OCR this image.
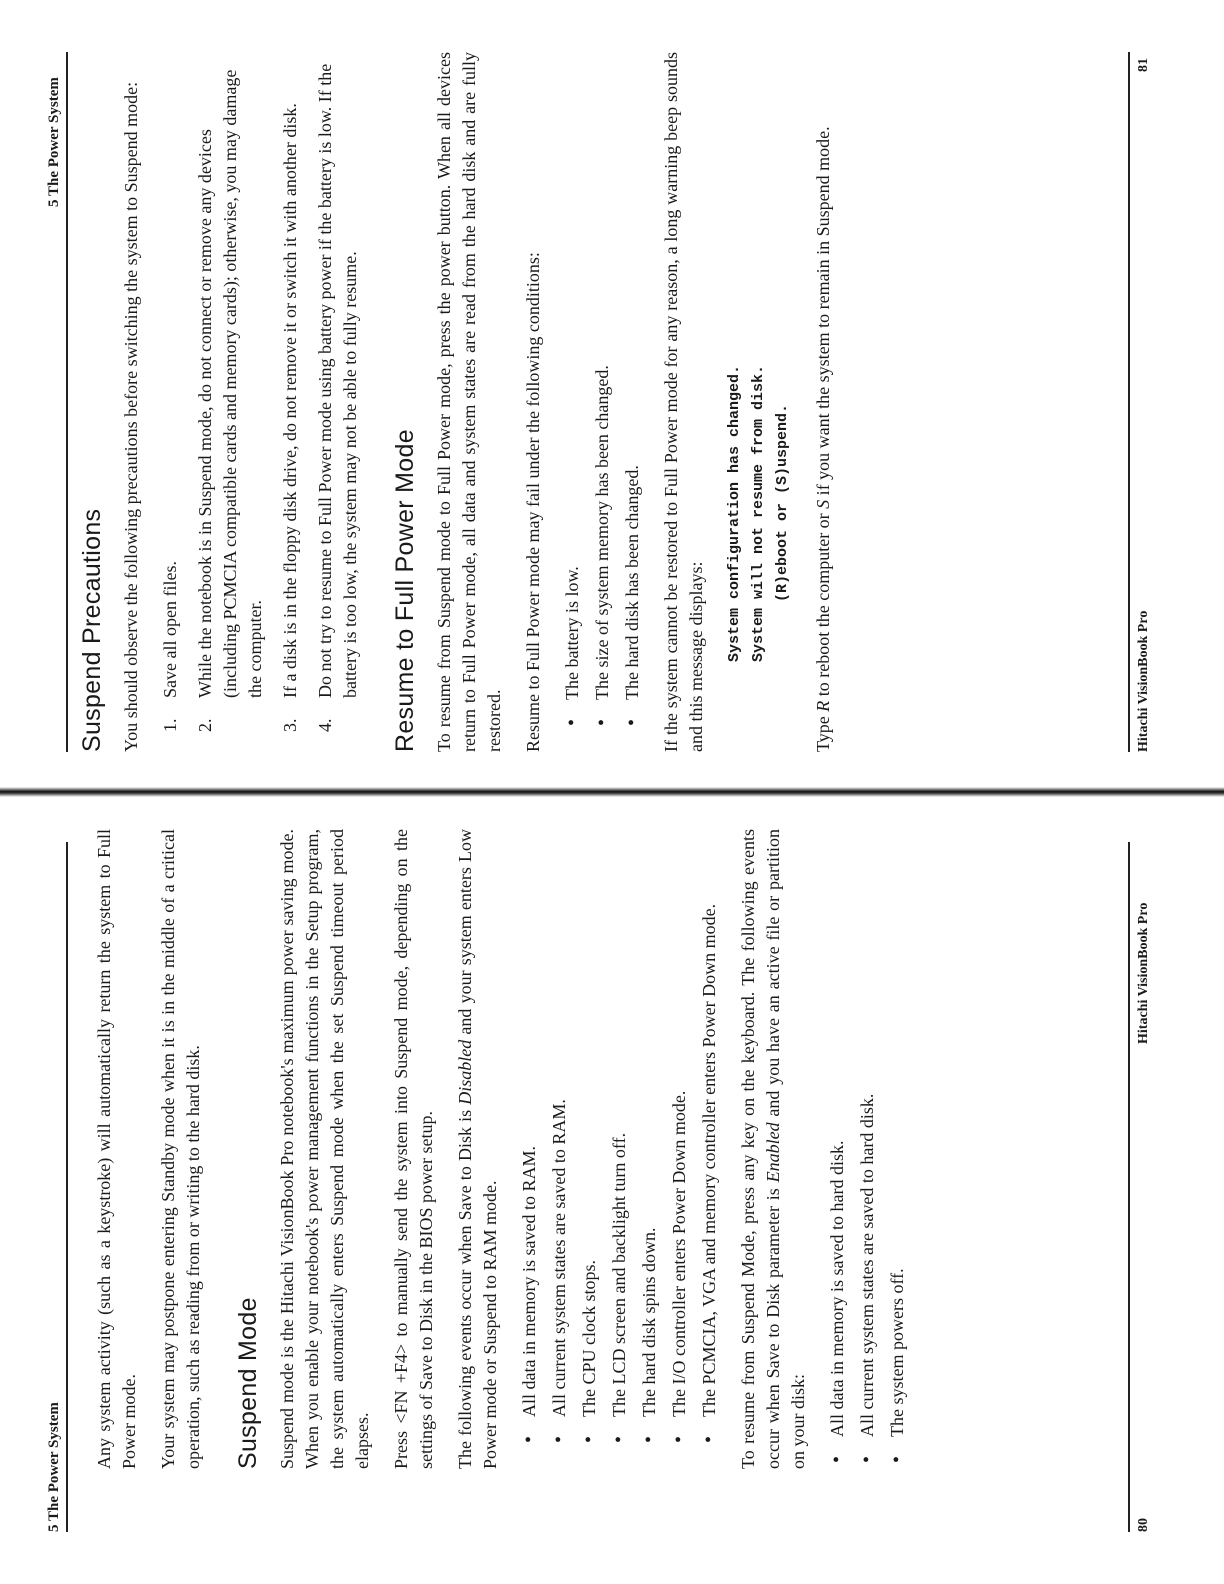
5 The Power System Any system activity (such as a keystroke) will automatically return the system to Full Power mode. Your system may postpone entering Standby mode when it is in the middle of a critical operation, such as reading from or writing to the hard disk. Suspend Mode Suspend mode is the Hitachi VisionBook Pro notebook's maximum power saving mode. When you enable your notebook's power management functions in the Setup program, the system automatically enters Suspend mode when the set Suspend timeout period elapses. Press <FN +F4> to manually send the system into Suspend mode, depending on the settings of Save to Disk in the BIOS power setup. The following events occur when Save to Disk is Disabled and your system enters Low Power mode or Suspend to RAM mode. • All data in memory is saved to RAM. • All current system states are saved to RAM. • The CPU clock stops. • The LCD screen and backlight turn off. • The hard disk spins down. • The I/O controller enters Power Down mode. • The PCMCIA, VGA and memory controller enters Power Down mode. To resume from Suspend Mode, press any key on the keyboard. The following events occur when Save to Disk parameter is Enabled and you have an active file or partition on your disk: • All data in memory is saved to hard disk. • All current system states are saved to hard disk. • The system powers off.
80
Hitachi VisionBook Pro
5 The Power System
Suspend Precautions You should observe the following precautions before switching the system to Suspend mode: 1.
Save all open files.
2.
While the notebook is in Suspend mode, do not connect or remove any devices (including PCMCIA compatible cards and memory cards); otherwise, you may damage the computer.
3.
If a disk is in the floppy disk drive, do not remove it or switch it with another disk.
4.
Do not try to resume to Full Power mode using battery power if the battery is low. If the battery is too low, the system may not be able to fully resume. Resume to Full Power Mode To resume from Suspend mode to Full Power mode, press the power button. When all devices return to Full Power mode, all data and system states are read from the hard disk and are fully restored. Resume to Full Power mode may fail under the following conditions: • The battery is low. • The size of system memory has been changed. • The hard disk has been changed. If the system cannot be restored to Full Power mode for any reason, a long warning beep sounds and this message displays: System configuration has changed. System will not resume from disk. (R)eboot or (S)uspend.

Type R to reboot the computer or S if you want the system to remain in Suspend mode.

Hitachi VisionBook Pro
81
